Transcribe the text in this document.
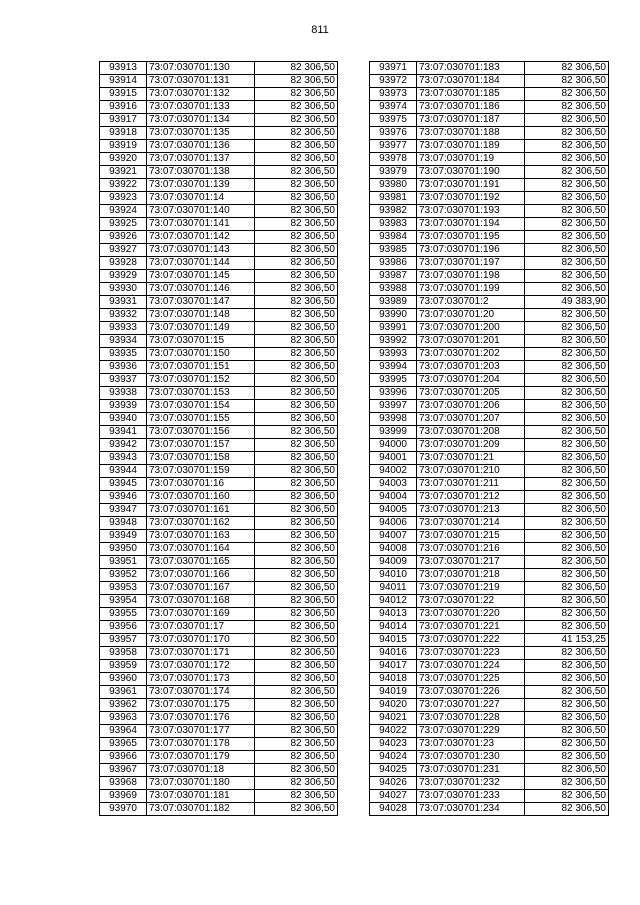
811
93913	73:07:030701:130	82 306,50
93914	73:07:030701:131	82 306,50
93915	73:07:030701:132	82 306,50
93916	73:07:030701:133	82 306,50
93917	73:07:030701:134	82 306,50
93918	73:07:030701:135	82 306,50
93919	73:07:030701:136	82 306,50
93920	73:07:030701:137	82 306,50
93921	73:07:030701:138	82 306,50
93922	73:07:030701:139	82 306,50
93923	73:07:030701:14	82 306,50
93924	73:07:030701:140	82 306,50
93925	73:07:030701:141	82 306,50
93926	73:07:030701:142	82 306,50
93927	73:07:030701:143	82 306,50
93928	73:07:030701:144	82 306,50
93929	73:07:030701:145	82 306,50
93930	73:07:030701:146	82 306,50
93931	73:07:030701:147	82 306,50
93932	73:07:030701:148	82 306,50
93933	73:07:030701:149	82 306,50
93934	73:07:030701:15	82 306,50
93935	73:07:030701:150	82 306,50
93936	73:07:030701:151	82 306,50
93937	73:07:030701:152	82 306,50
93938	73:07:030701:153	82 306,50
93939	73:07:030701:154	82 306,50
93940	73:07:030701:155	82 306,50
93941	73:07:030701:156	82 306,50
93942	73:07:030701:157	82 306,50
93943	73:07:030701:158	82 306,50
93944	73:07:030701:159	82 306,50
93945	73:07:030701:16	82 306,50
93946	73:07:030701:160	82 306,50
93947	73:07:030701:161	82 306,50
93948	73:07:030701:162	82 306,50
93949	73:07:030701:163	82 306,50
93950	73:07:030701:164	82 306,50
93951	73:07:030701:165	82 306,50
93952	73:07:030701:166	82 306,50
93953	73:07:030701:167	82 306,50
93954	73:07:030701:168	82 306,50
93955	73:07:030701:169	82 306,50
93956	73:07:030701:17	82 306,50
93957	73:07:030701:170	82 306,50
93958	73:07:030701:171	82 306,50
93959	73:07:030701:172	82 306,50
93960	73:07:030701:173	82 306,50
93961	73:07:030701:174	82 306,50
93962	73:07:030701:175	82 306,50
93963	73:07:030701:176	82 306,50
93964	73:07:030701:177	82 306,50
93965	73:07:030701:178	82 306,50
93966	73:07:030701:179	82 306,50
93967	73:07:030701:18	82 306,50
93968	73:07:030701:180	82 306,50
93969	73:07:030701:181	82 306,50
93970	73:07:030701:182	82 306,50
93971	73:07:030701:183	82 306,50
93972	73:07:030701:184	82 306,50
93973	73:07:030701:185	82 306,50
93974	73:07:030701:186	82 306,50
93975	73:07:030701:187	82 306,50
93976	73:07:030701:188	82 306,50
93977	73:07:030701:189	82 306,50
93978	73:07:030701:19	82 306,50
93979	73:07:030701:190	82 306,50
93980	73:07:030701:191	82 306,50
93981	73:07:030701:192	82 306,50
93982	73:07:030701:193	82 306,50
93983	73:07:030701:194	82 306,50
93984	73:07:030701:195	82 306,50
93985	73:07:030701:196	82 306,50
93986	73:07:030701:197	82 306,50
93987	73:07:030701:198	82 306,50
93988	73:07:030701:199	82 306,50
93989	73:07:030701:2	49 383,90
93990	73:07:030701:20	82 306,50
93991	73:07:030701:200	82 306,50
93992	73:07:030701:201	82 306,50
93993	73:07:030701:202	82 306,50
93994	73:07:030701:203	82 306,50
93995	73:07:030701:204	82 306,50
93996	73:07:030701:205	82 306,50
93997	73:07:030701:206	82 306,50
93998	73:07:030701:207	82 306,50
93999	73:07:030701:208	82 306,50
94000	73:07:030701:209	82 306,50
94001	73:07:030701:21	82 306,50
94002	73:07:030701:210	82 306,50
94003	73:07:030701:211	82 306,50
94004	73:07:030701:212	82 306,50
94005	73:07:030701:213	82 306,50
94006	73:07:030701:214	82 306,50
94007	73:07:030701:215	82 306,50
94008	73:07:030701:216	82 306,50
94009	73:07:030701:217	82 306,50
94010	73:07:030701:218	82 306,50
94011	73:07:030701:219	82 306,50
94012	73:07:030701:22	82 306,50
94013	73:07:030701:220	82 306,50
94014	73:07:030701:221	82 306,50
94015	73:07:030701:222	41 153,25
94016	73:07:030701:223	82 306,50
94017	73:07:030701:224	82 306,50
94018	73:07:030701:225	82 306,50
94019	73:07:030701:226	82 306,50
94020	73:07:030701:227	82 306,50
94021	73:07:030701:228	82 306,50
94022	73:07:030701:229	82 306,50
94023	73:07:030701:23	82 306,50
94024	73:07:030701:230	82 306,50
94025	73:07:030701:231	82 306,50
94026	73:07:030701:232	82 306,50
94027	73:07:030701:233	82 306,50
94028	73:07:030701:234	82 306,50
